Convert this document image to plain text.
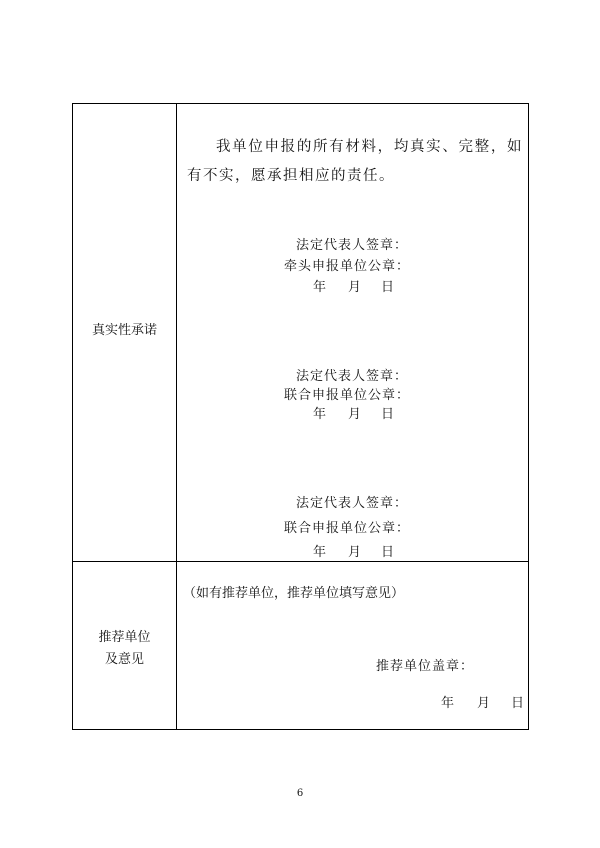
真实性承诺
我单位申报的所有材料，均真实、完整，如有不实，愿承担相应的责任。
法定代表人签章：
牵头申报单位公章：
年 月 日
法定代表人签章：
联合申报单位公章：
年 月 日
法定代表人签章：
联合申报单位公章：
年 月 日
推荐单位
及意见
（如有推荐单位，推荐单位填写意见）
推荐单位盖章：
年 月 日
6
